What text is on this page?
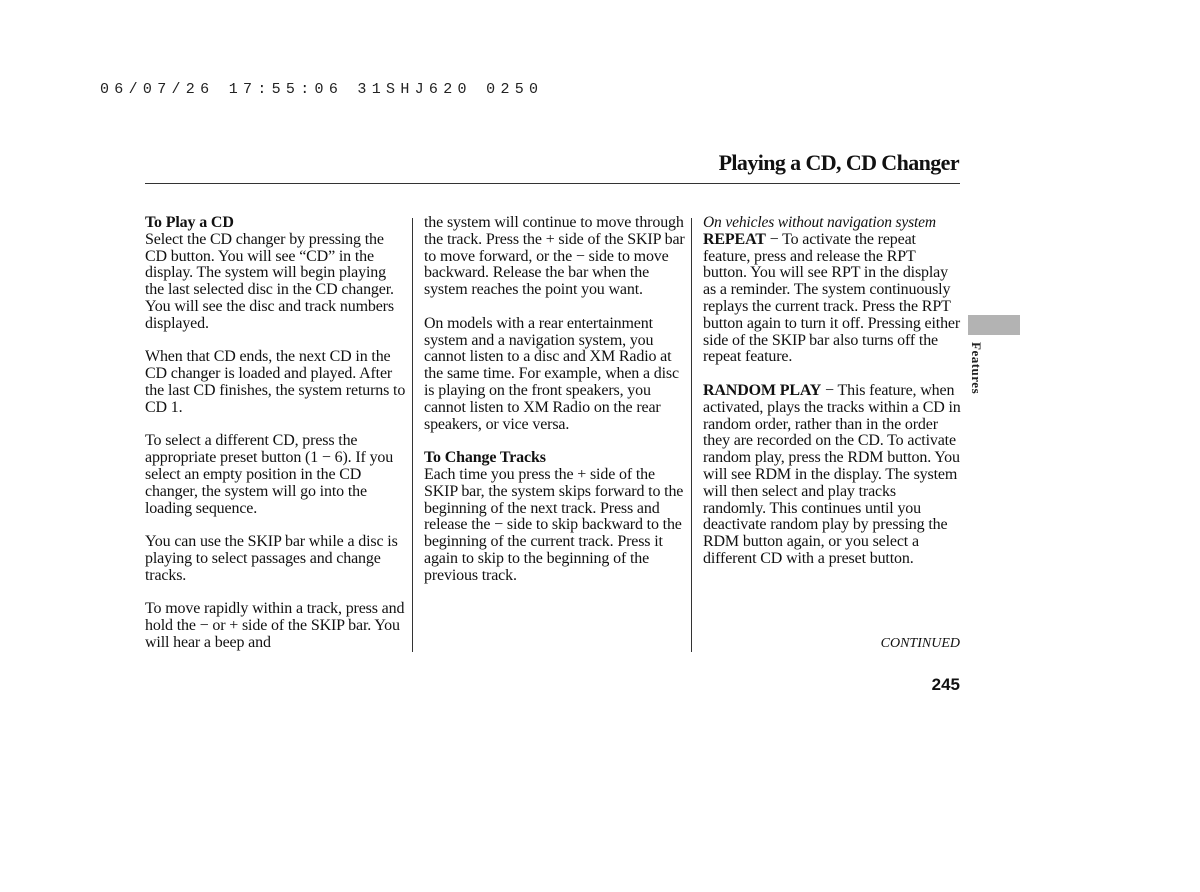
06/07/26 17:55:06 31SHJ620 0250
Playing a CD, CD Changer
To Play a CD

Select the CD changer by pressing the CD button. You will see “CD” in the display. The system will begin playing the last selected disc in the CD changer. You will see the disc and track numbers displayed.

When that CD ends, the next CD in the CD changer is loaded and played. After the last CD finishes, the system returns to CD 1.

To select a different CD, press the appropriate preset button (1 − 6). If you select an empty position in the CD changer, the system will go into the loading sequence.

You can use the SKIP bar while a disc is playing to select passages and change tracks.

To move rapidly within a track, press and hold the − or + side of the SKIP bar. You will hear a beep and

the system will continue to move through the track. Press the + side of the SKIP bar to move forward, or the − side to move backward. Release the bar when the system reaches the point you want.

On models with a rear entertainment system and a navigation system, you cannot listen to a disc and XM Radio at the same time. For example, when a disc is playing on the front speakers, you cannot listen to XM Radio on the rear speakers, or vice versa.

To Change Tracks

Each time you press the + side of the SKIP bar, the system skips forward to the beginning of the next track. Press and release the − side to skip backward to the beginning of the current track. Press it again to skip to the beginning of the previous track.

On vehicles without navigation system

REPEAT − To activate the repeat feature, press and release the RPT button. You will see RPT in the display as a reminder. The system continuously replays the current track. Press the RPT button again to turn it off. Pressing either side of the SKIP bar also turns off the repeat feature.

RANDOM PLAY − This feature, when activated, plays the tracks within a CD in random order, rather than in the order they are recorded on the CD. To activate random play, press the RDM button. You will see RDM in the display. The system will then select and play tracks randomly. This continues until you deactivate random play by pressing the RDM button again, or you select a different CD with a preset button.

Features
CONTINUED
245
